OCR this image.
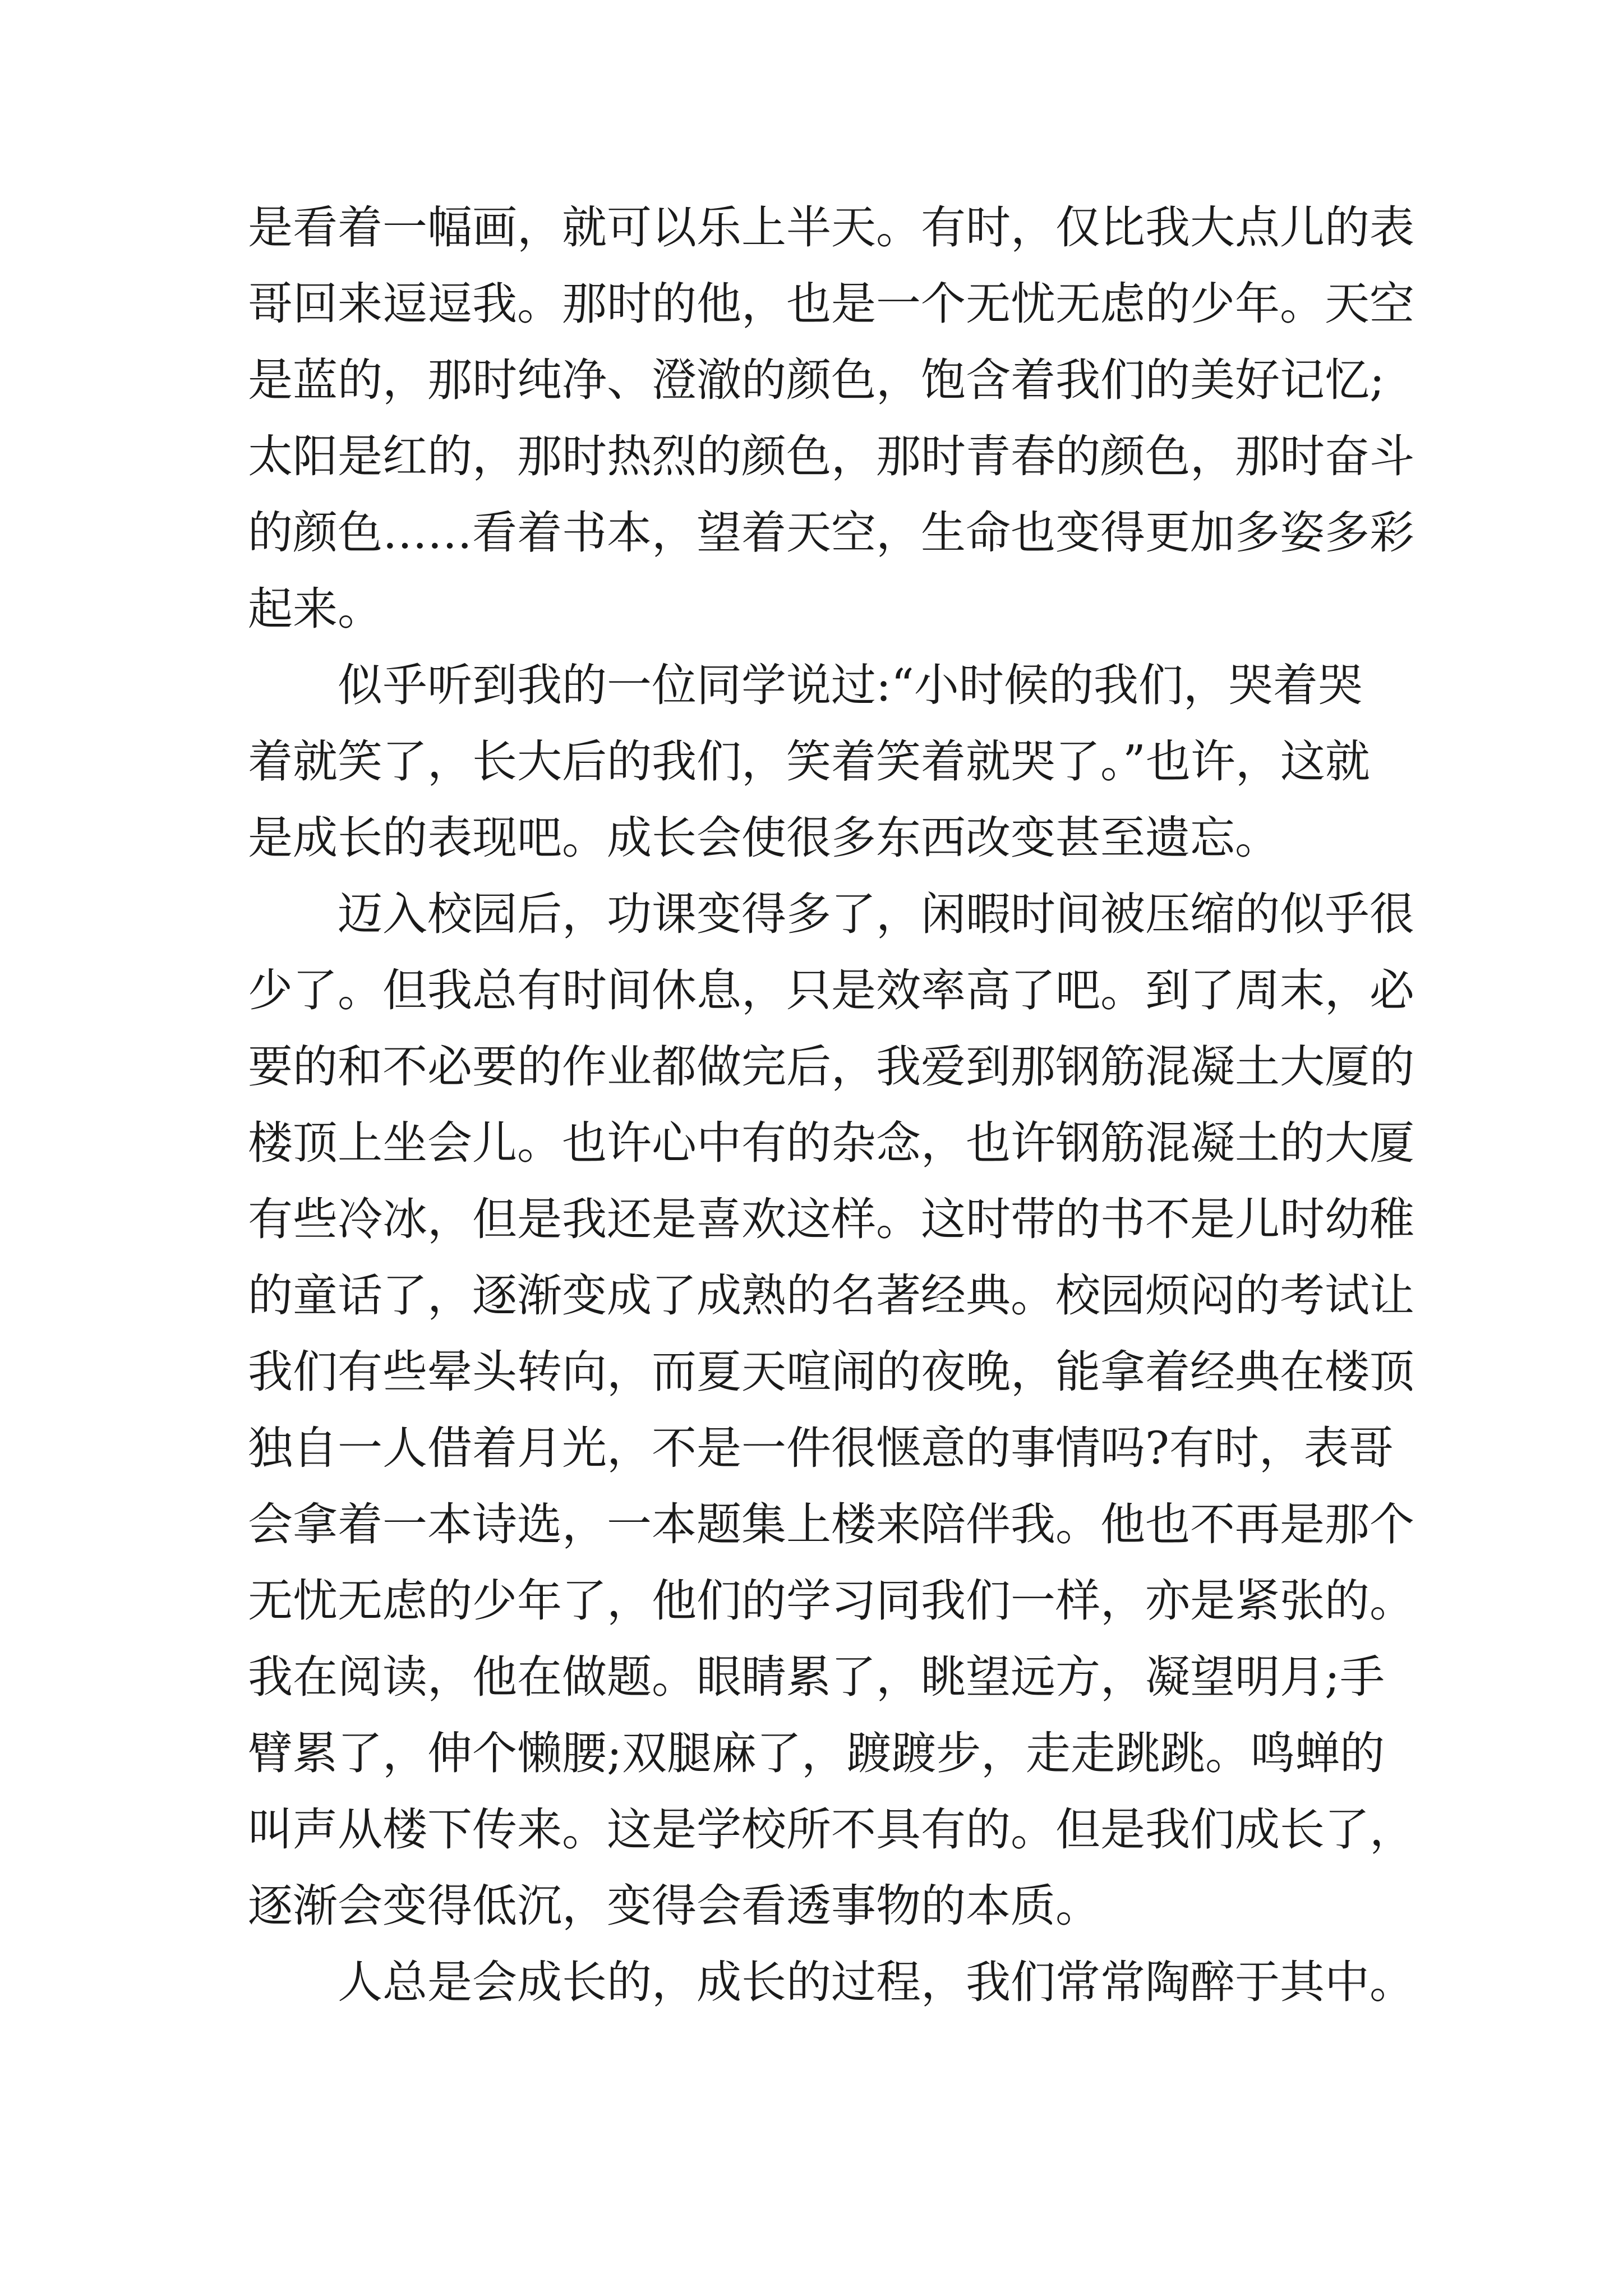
是看着一幅画，就可以乐上半天。有时，仅比我大点儿的表
哥回来逗逗我。那时的他，也是一个无忧无虑的少年。天空
是蓝的，那时纯净、澄澈的颜色，饱含着我们的美好记忆;
太阳是红的，那时热烈的颜色，那时青春的颜色，那时奋斗
的颜色……看着书本，望着天空，生命也变得更加多姿多彩
起来。
　　似乎听到我的一位同学说过:“小时候的我们，哭着哭
着就笑了，长大后的我们，笑着笑着就哭了。”也许，这就
是成长的表现吧。成长会使很多东西改变甚至遗忘。
　　迈入校园后，功课变得多了，闲暇时间被压缩的似乎很
少了。但我总有时间休息，只是效率高了吧。到了周末，必
要的和不必要的作业都做完后，我爱到那钢筋混凝土大厦的
楼顶上坐会儿。也许心中有的杂念，也许钢筋混凝土的大厦
有些冷冰，但是我还是喜欢这样。这时带的书不是儿时幼稚
的童话了，逐渐变成了成熟的名著经典。校园烦闷的考试让
我们有些晕头转向，而夏天喧闹的夜晚，能拿着经典在楼顶
独自一人借着月光，不是一件很惬意的事情吗?有时，表哥
会拿着一本诗选，一本题集上楼来陪伴我。他也不再是那个
无忧无虑的少年了，他们的学习同我们一样，亦是紧张的。
我在阅读，他在做题。眼睛累了，眺望远方，凝望明月;手
臂累了，伸个懒腰;双腿麻了，踱踱步，走走跳跳。鸣蝉的
叫声从楼下传来。这是学校所不具有的。但是我们成长了，
逐渐会变得低沉，变得会看透事物的本质。
　　人总是会成长的，成长的过程，我们常常陶醉于其中。
